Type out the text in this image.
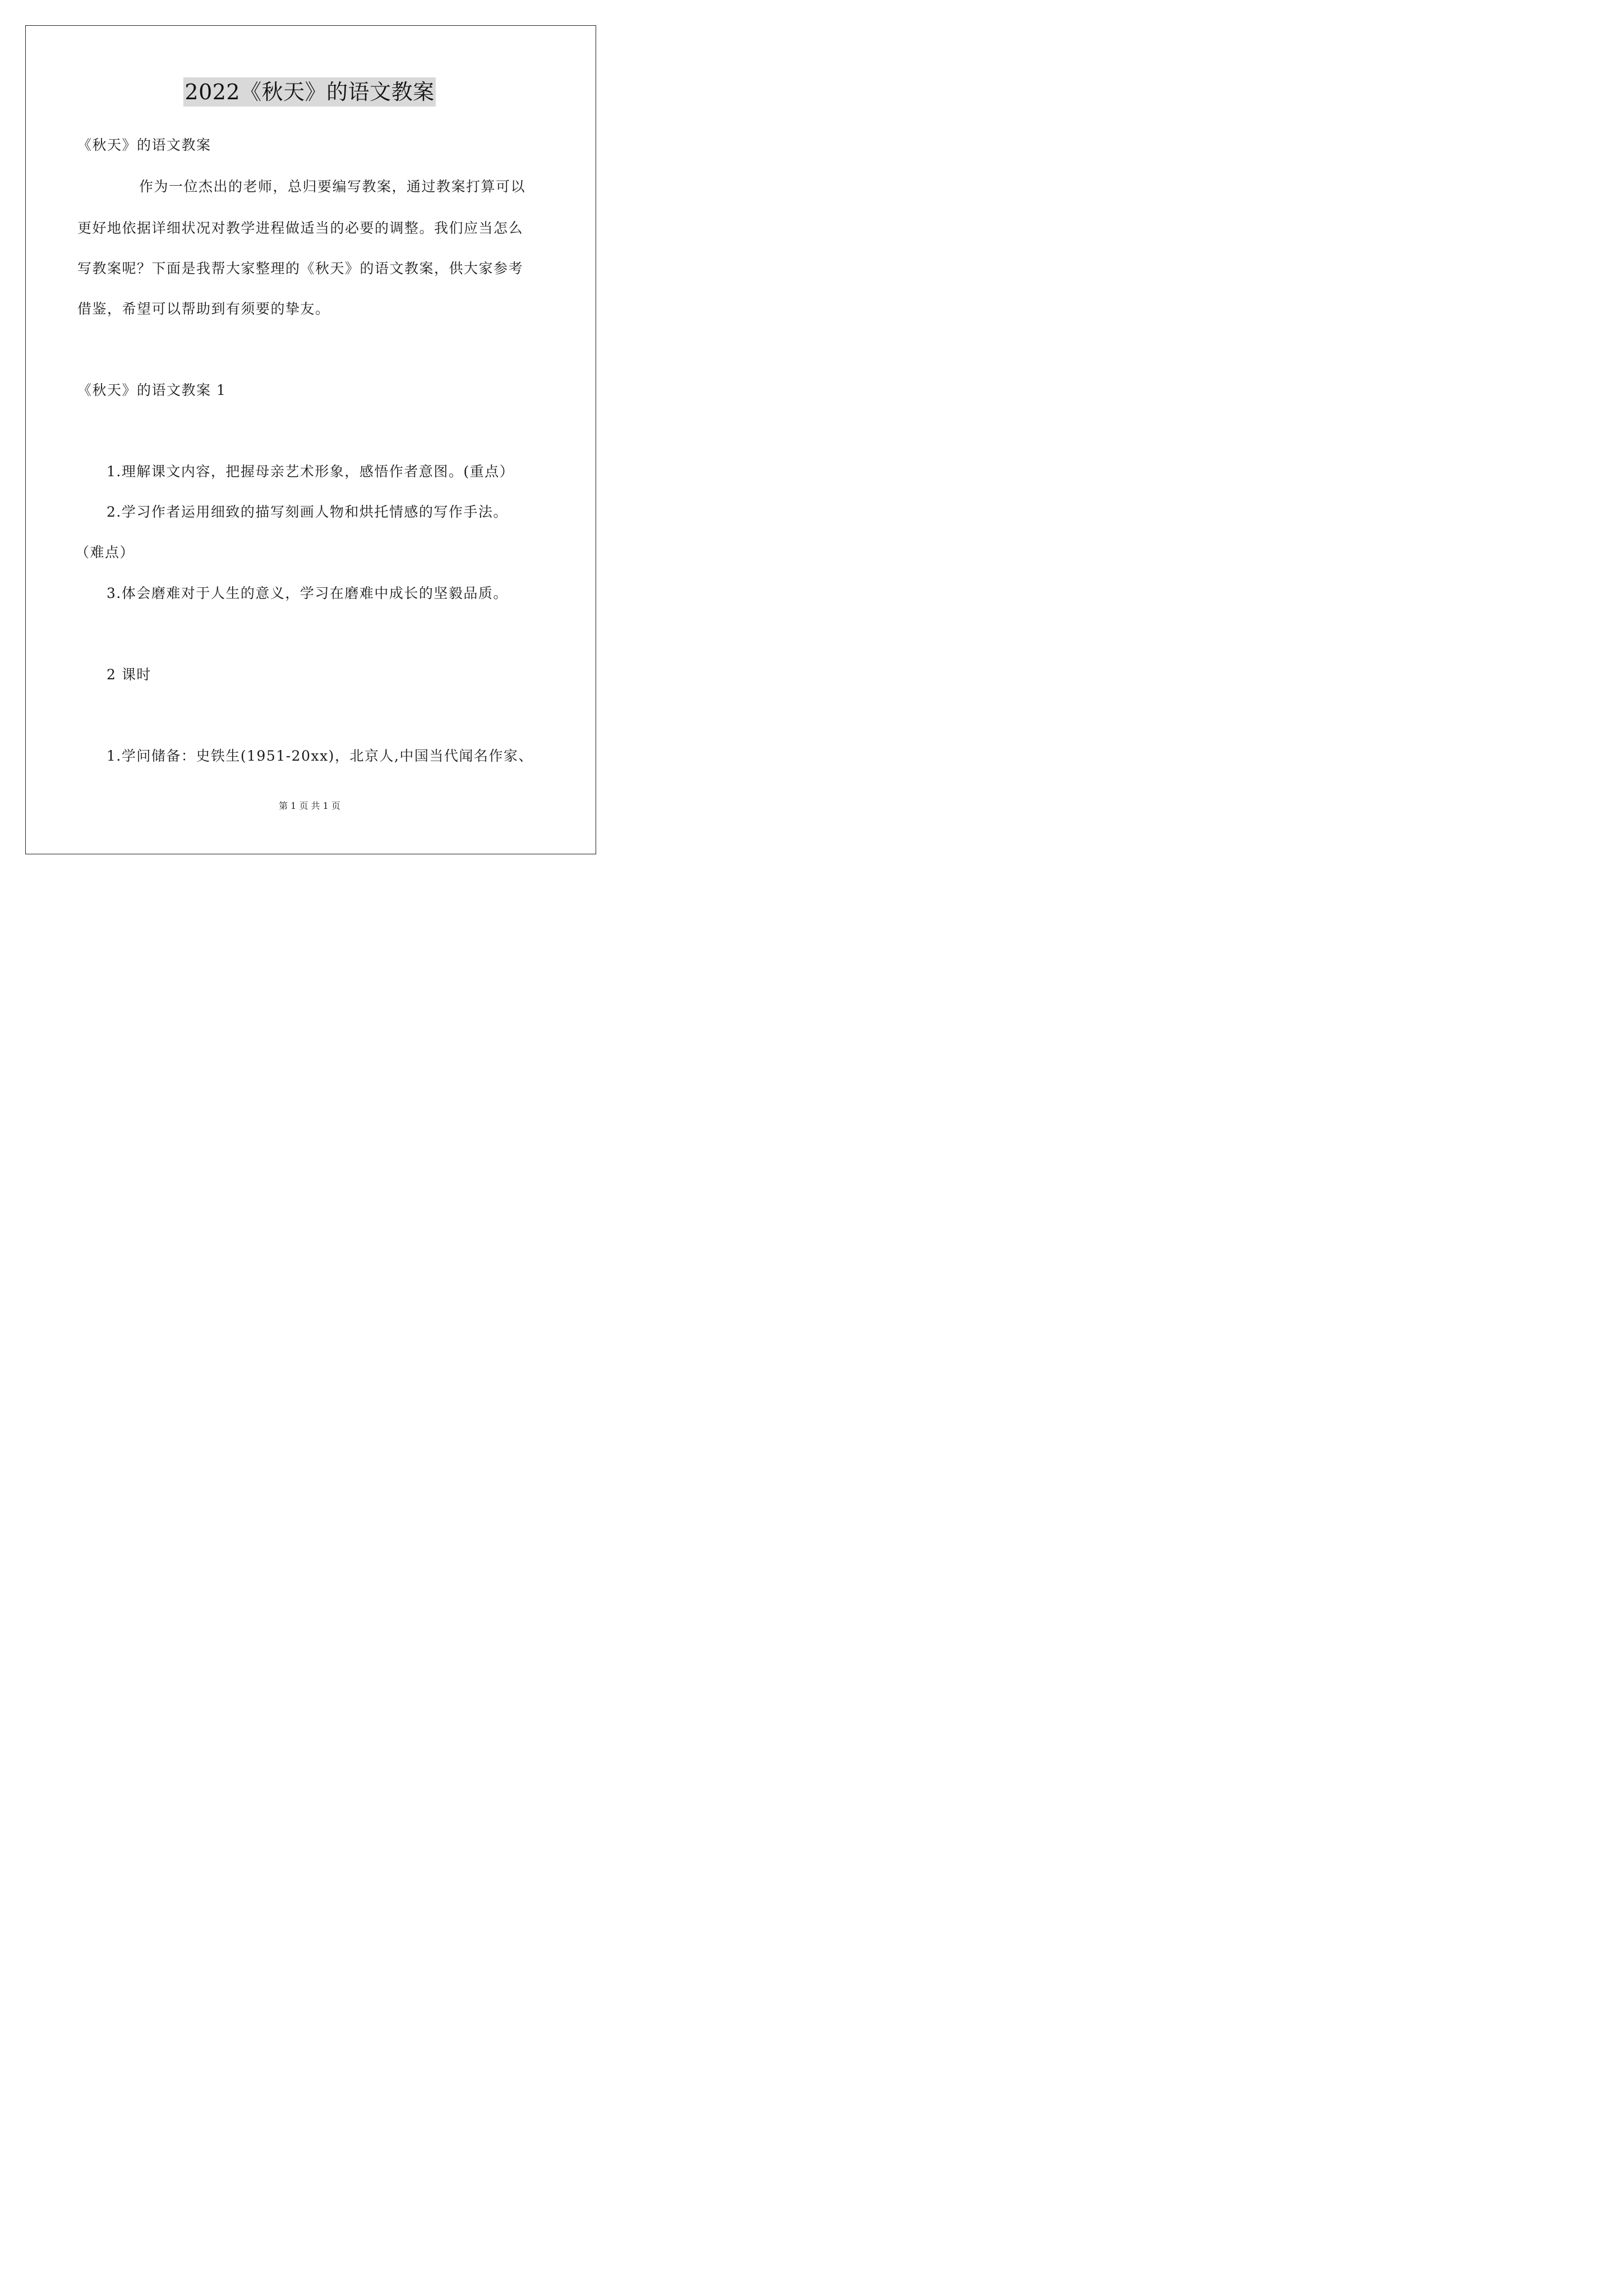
2022《秋天》的语文教案
《秋天》的语文教案
作为一位杰出的老师，总归要编写教案，通过教案打算可以
更好地依据详细状况对教学进程做适当的必要的调整。我们应当怎么
写教案呢？下面是我帮大家整理的《秋天》的语文教案，供大家参考
借鉴，希望可以帮助到有须要的挚友。
《秋天》的语文教案 1
1.理解课文内容，把握母亲艺术形象，感悟作者意图。(重点）
2.学习作者运用细致的描写刻画人物和烘托情感的写作手法。
（难点）
3.体会磨难对于人生的意义，学习在磨难中成长的坚毅品质。
2 课时
1.学问储备：史铁生(1951-20xx)，北京人,中国当代闻名作家、
第 1 页 共 1 页
